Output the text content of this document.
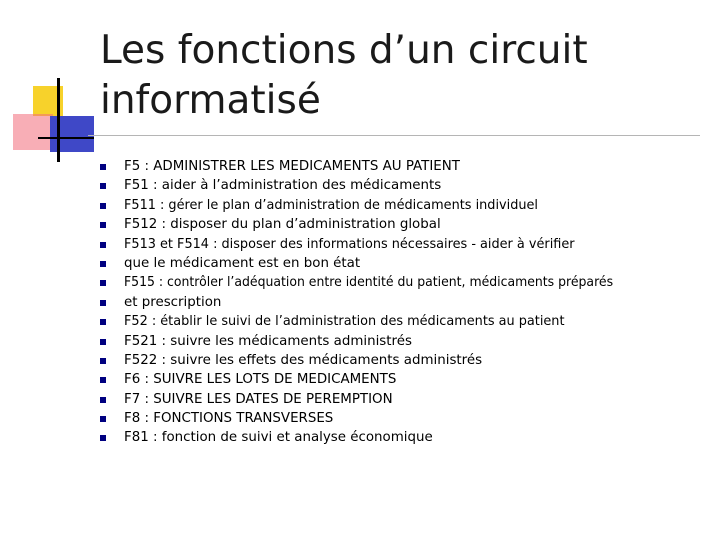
Les fonctions d’un circuit
informatisé
F5 : ADMINISTRER LES MEDICAMENTS AU PATIENT
F51 : aider à l’administration des médicaments
F511 : gérer le plan d’administration de médicaments individuel
F512 : disposer du plan d’administration global
F513 et F514 : disposer des informations nécessaires - aider à vérifier
que le médicament est en bon état
F515 : contrôler l’adéquation entre identité du patient, médicaments préparés
et prescription
F52 : établir le suivi de l’administration des médicaments au patient
F521 : suivre les médicaments administrés
F522 : suivre les effets des médicaments administrés
F6 : SUIVRE LES LOTS DE MEDICAMENTS
F7 : SUIVRE LES DATES DE PEREMPTION
F8 : FONCTIONS TRANSVERSES
F81 : fonction de suivi et analyse économique
